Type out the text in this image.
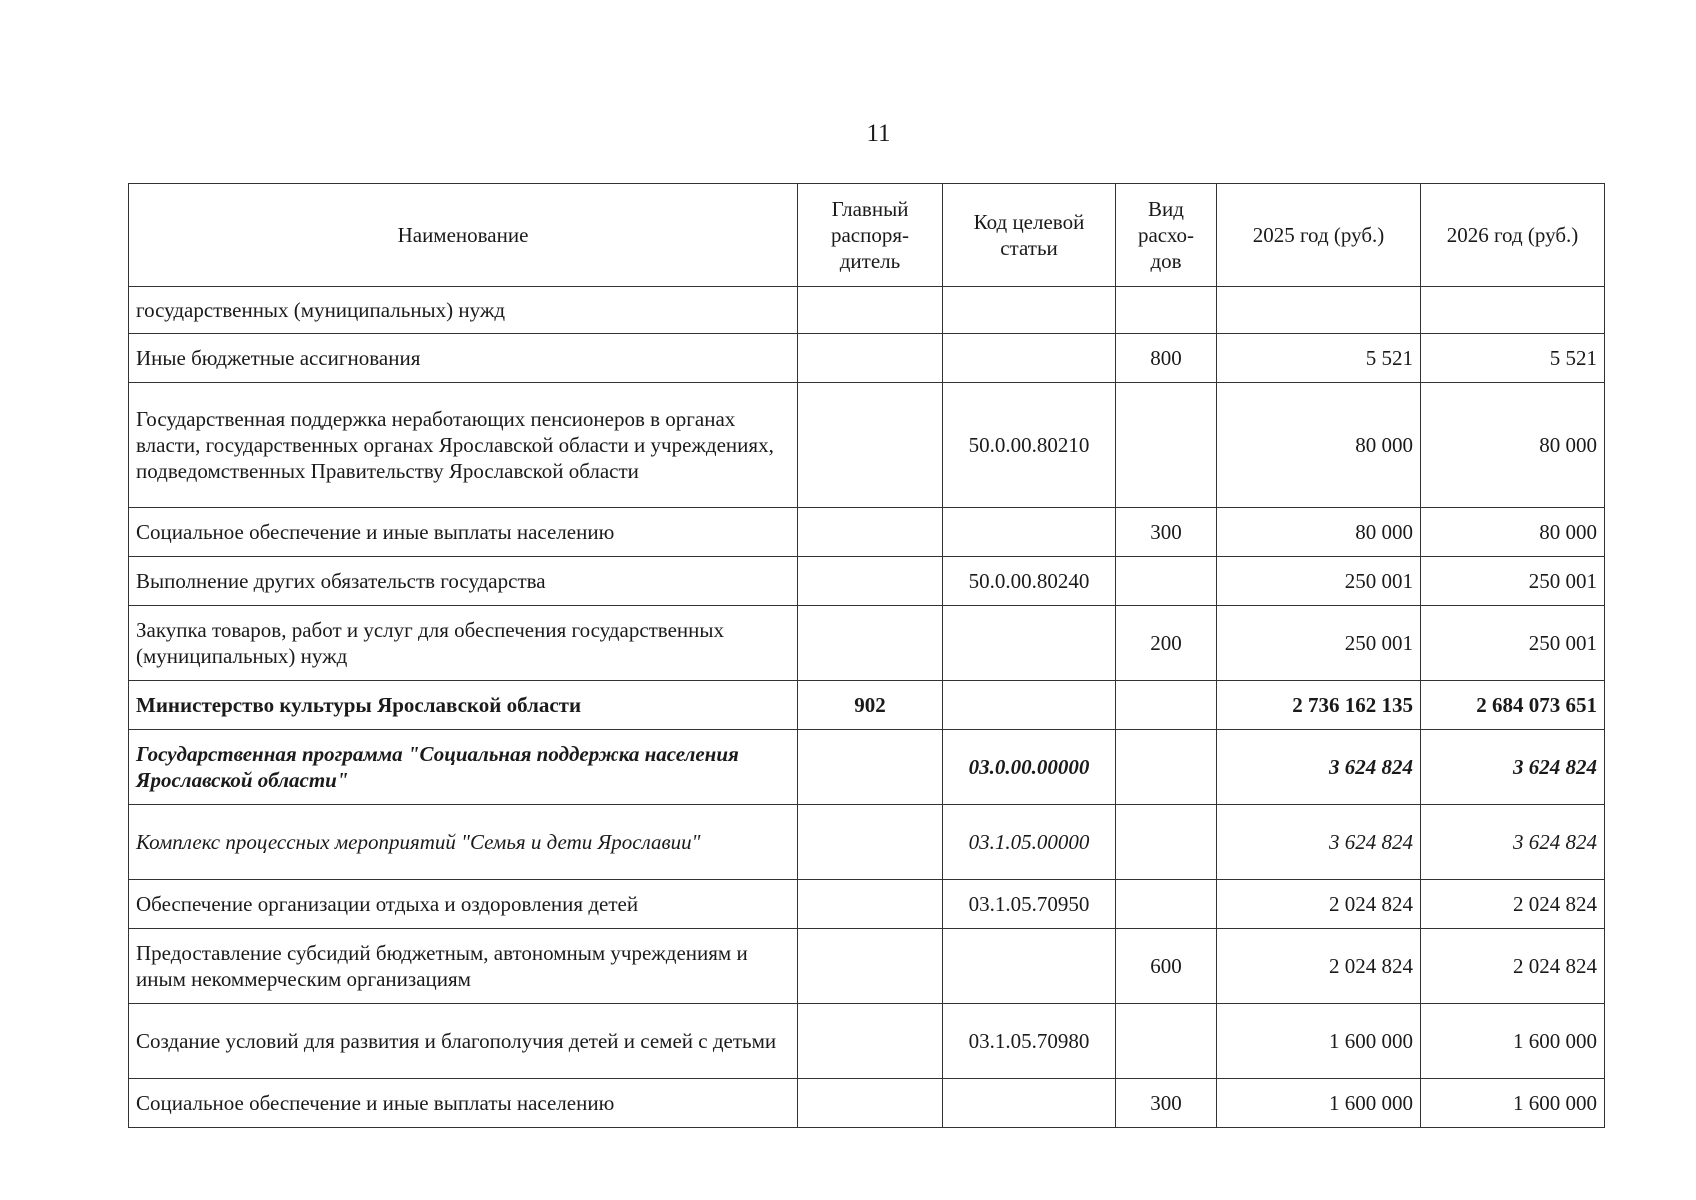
11
Наименование	Главный распоря-дитель	Код целевой статьи	Вид расхо-дов	2025 год (руб.)	2026 год (руб.)
государственных (муниципальных) нужд					
Иные бюджетные ассигнования			800	5 521	5 521
Государственная поддержка неработающих пенсионеров в органах власти, государственных органах Ярославской области и учреждениях, подведомственных Правительству Ярославской области		50.0.00.80210		80 000	80 000
Социальное обеспечение и иные выплаты населению			300	80 000	80 000
Выполнение других обязательств государства		50.0.00.80240		250 001	250 001
Закупка товаров, работ и услуг для обеспечения государственных (муниципальных) нужд			200	250 001	250 001
Министерство культуры Ярославской области	902			2 736 162 135	2 684 073 651
Государственная программа "Социальная поддержка населения Ярославской области"		03.0.00.00000		3 624 824	3 624 824
Комплекс процессных мероприятий "Семья и дети Ярославии"		03.1.05.00000		3 624 824	3 624 824
Обеспечение организации отдыха и оздоровления детей		03.1.05.70950		2 024 824	2 024 824
Предоставление субсидий бюджетным, автономным учреждениям и иным некоммерческим организациям			600	2 024 824	2 024 824
Создание условий для развития и благополучия детей и семей с детьми		03.1.05.70980		1 600 000	1 600 000
Социальное обеспечение и иные выплаты населению			300	1 600 000	1 600 000
